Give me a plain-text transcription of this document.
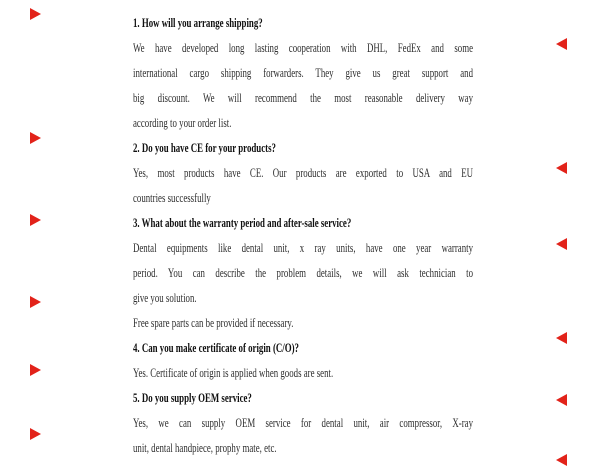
1. How will you arrange shipping?
We have developed long lasting cooperation with DHL, FedEx and some
international cargo shipping forwarders. They give us great support and
big discount. We will recommend the most reasonable delivery way
according to your order list.
2. Do you have CE for your products?
Yes, most products have CE. Our products are exported to USA and EU
countries successfully
3. What about the warranty period and after-sale service?
Dental equipments like dental unit, x ray units, have one year warranty
period. You can describe the problem details, we will ask technician to
give you solution.
Free spare parts can be provided if necessary.
4. Can you make certificate of origin (C/O)?
Yes. Certificate of origin is applied when goods are sent.
5. Do you supply OEM service?
Yes, we can supply OEM service for dental unit, air compressor, X-ray
unit, dental handpiece, prophy mate, etc.
